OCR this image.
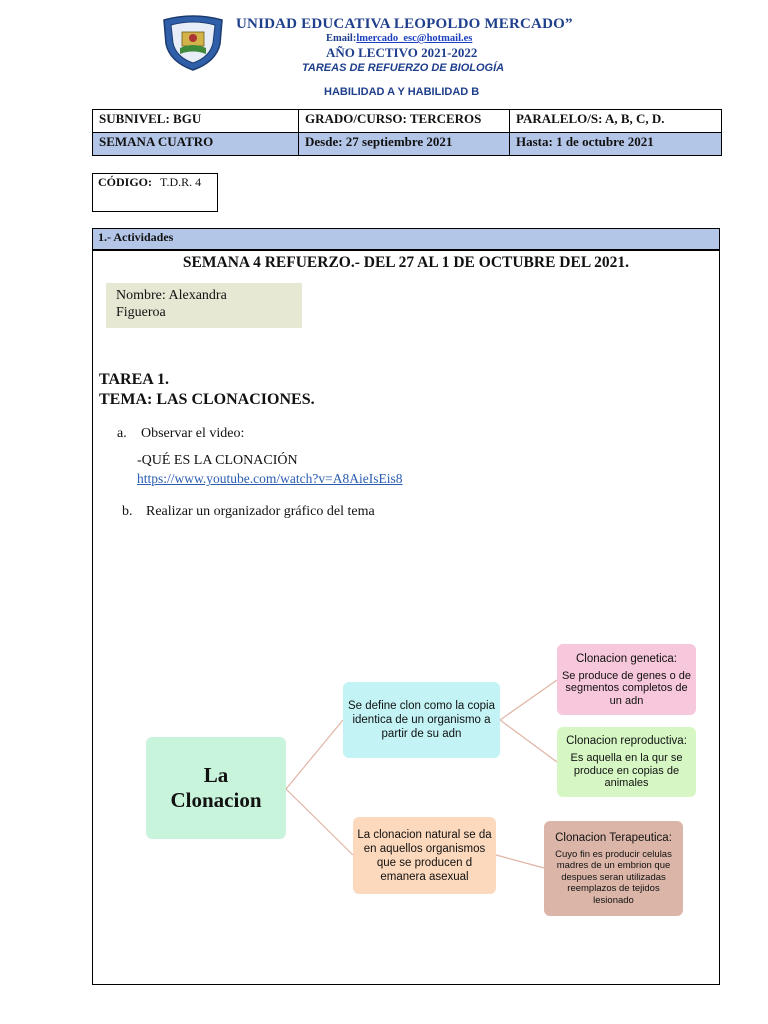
UNIDAD EDUCATIVA LEOPOLDO MERCADO”
Email:lmercado_esc@hotmail.es
AÑO LECTIVO 2021-2022
TAREAS DE REFUERZO DE BIOLOGÍA
HABILIDAD A Y HABILIDAD B
SUBNIVEL: BGU	GRADO/CURSO: TERCEROS	PARALELO/S: A, B, C, D.
SEMANA CUATRO	Desde: 27 septiembre 2021	Hasta: 1 de octubre 2021
CÓDIGO: T.D.R. 4
1.- Actividades
SEMANA 4 REFUERZO.- DEL 27 AL 1 DE OCTUBRE DEL 2021.
Nombre: Alexandra
Figueroa
TAREA 1.
TEMA: LAS CLONACIONES.
a. Observar el video:
-QUÉ ES LA CLONACIÓN
https://www.youtube.com/watch?v=A8AieIsEis8
b. Realizar un organizador gráfico del tema
La
Clonacion
Se define clon como la copia identica de un organismo a partir de su adn
La clonacion natural se da en aquellos organismos que se producen d emanera asexual
Clonacion genetica:
Se produce de genes o de segmentos completos de un adn
Clonacion reproductiva:
Es aquella en la qur se produce en copias de animales
Clonacion Terapeutica:
Cuyo fin es producir celulas madres de un embrion que despues seran utilizadas reemplazos de tejidos lesionado
